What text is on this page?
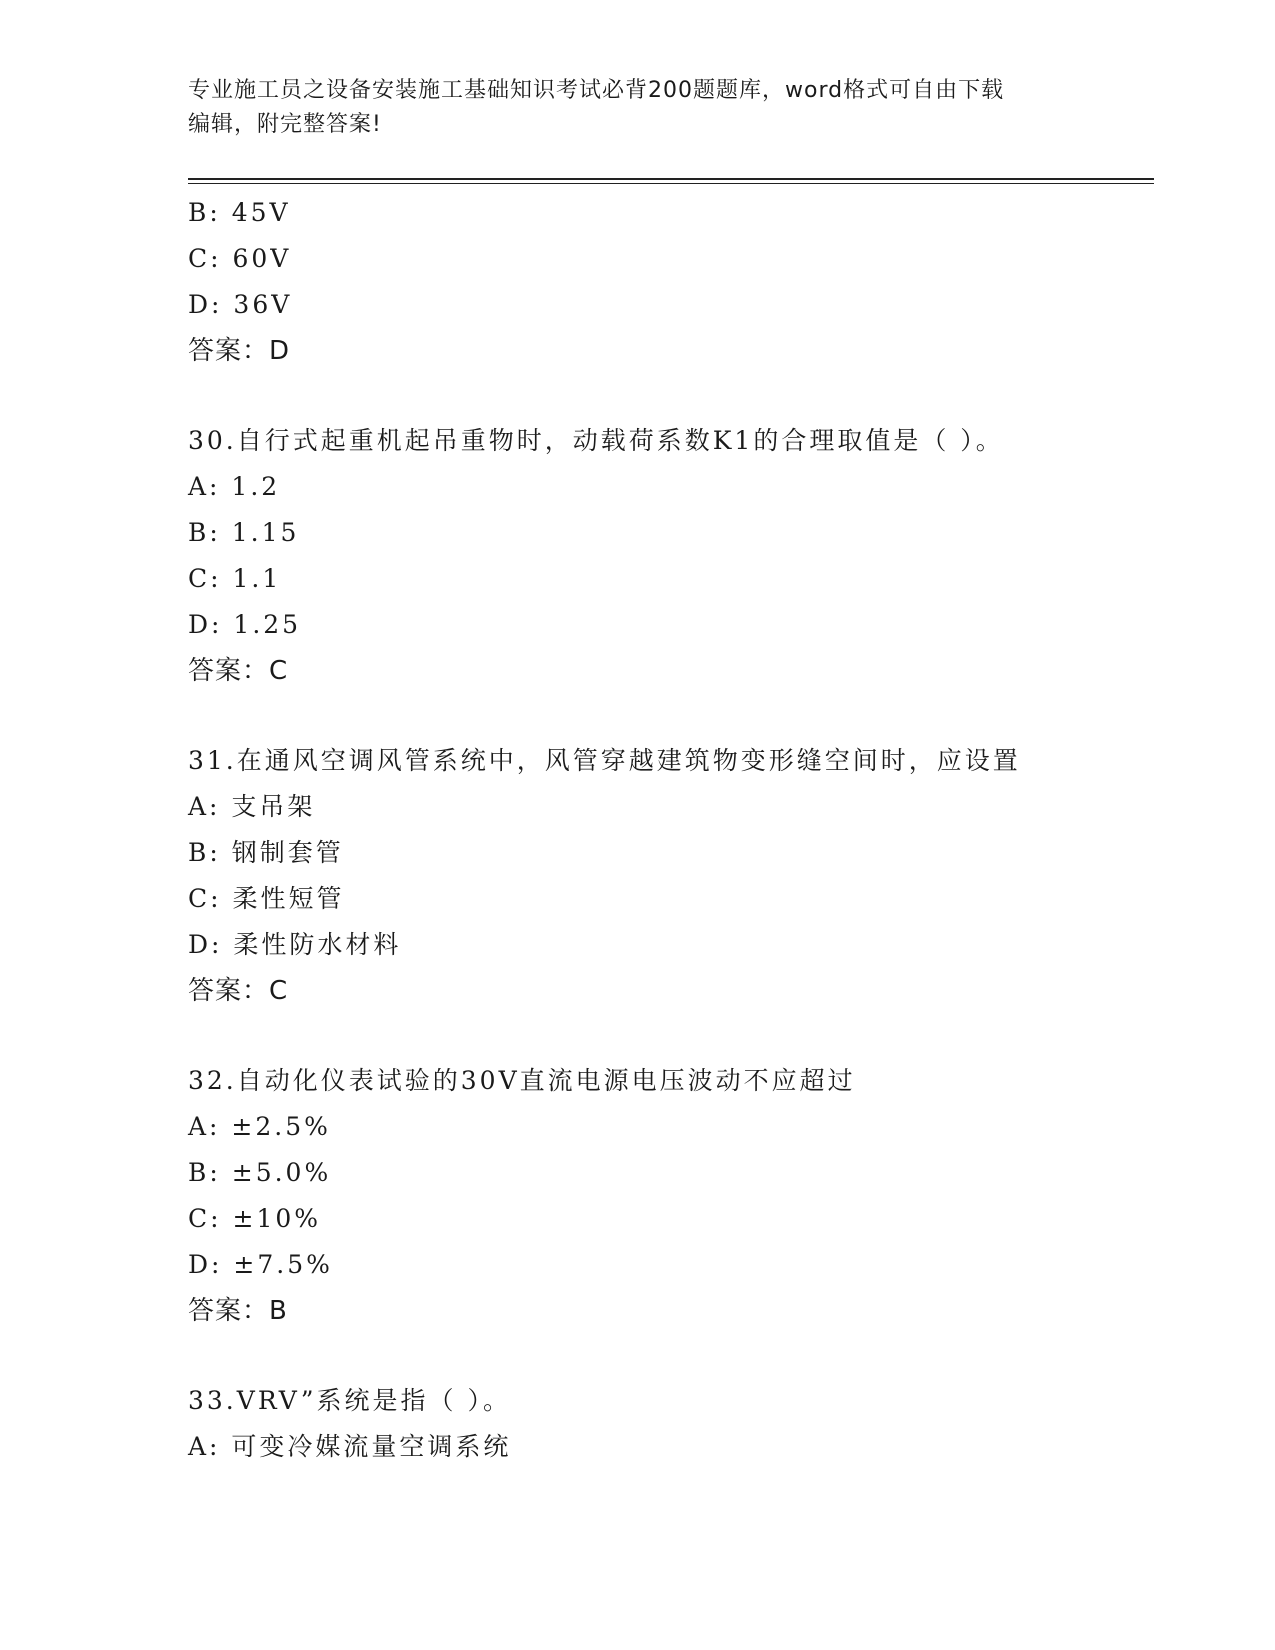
专业施工员之设备安装施工基础知识考试必背200题题库，word格式可自由下载
编辑，附完整答案!
B: 45V
C: 60V
D: 36V
答案：D
30.自行式起重机起吊重物时，动载荷系数K1的合理取值是（ ）。
A: 1.2
B: 1.15
C: 1.1
D: 1.25
答案：C
31.在通风空调风管系统中，风管穿越建筑物变形缝空间时，应设置
A: 支吊架
B: 钢制套管
C: 柔性短管
D: 柔性防水材料
答案：C
32.自动化仪表试验的30V直流电源电压波动不应超过
A: ±2.5%
B: ±5.0%
C: ±10%
D: ±7.5%
答案：B
33.VRV”系统是指（ ）。
A: 可变冷媒流量空调系统
